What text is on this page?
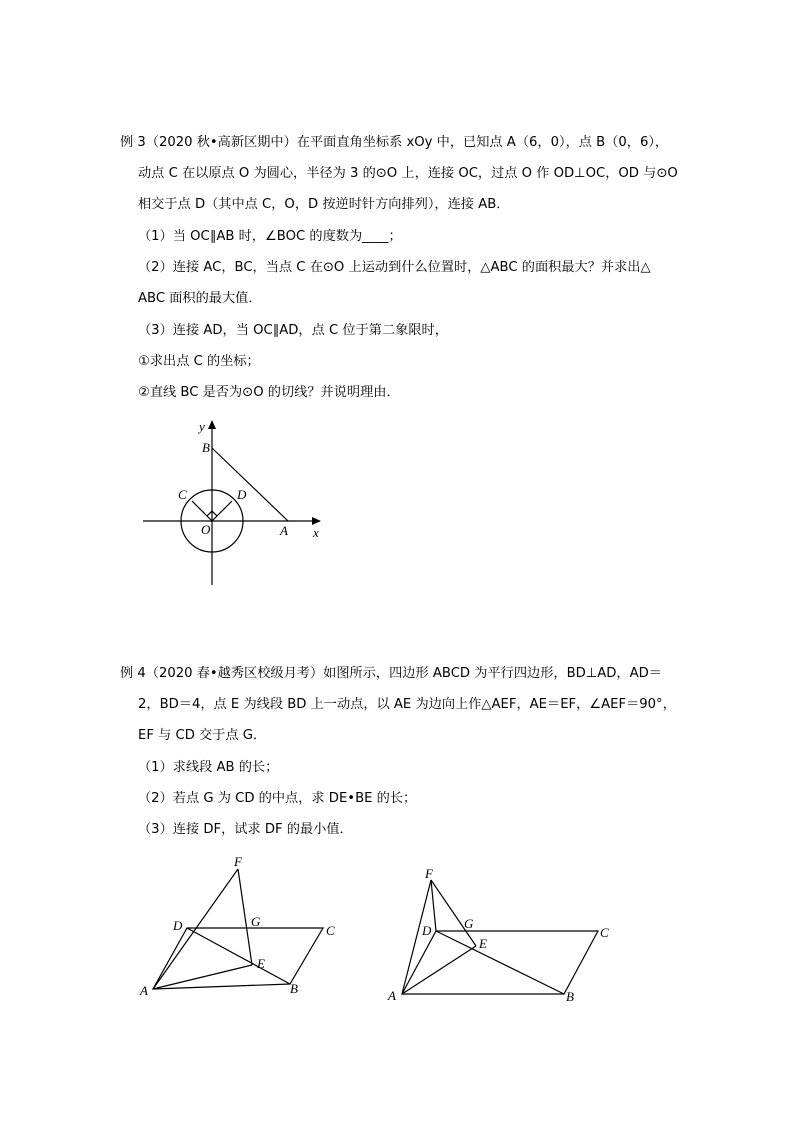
例 3（2020 秋•高新区期中）在平面直角坐标系 xOy 中，已知点 A（6，0），点 B（0，6），
动点 C 在以原点 O 为圆心，半径为 3 的⊙O 上，连接 OC，过点 O 作 OD⊥OC，OD 与⊙O
相交于点 D（其中点 C，O，D 按逆时针方向排列），连接 AB．
（1）当 OC∥AB 时，∠BOC 的度数为____；
（2）连接 AC，BC，当点 C 在⊙O 上运动到什么位置时，△ABC 的面积最大？并求出△
ABC 面积的最大值．
（3）连接 AD，当 OC∥AD，点 C 位于第二象限时，
①求出点 C 的坐标；
②直线 BC 是否为⊙O 的切线？并说明理由．
y
B
C	D
O	A x
例 4（2020 春•越秀区校级月考）如图所示，四边形 ABCD 为平行四边形，BD⊥AD，AD＝
2，BD＝4，点 E 为线段 BD 上一动点，以 AE 为边向上作△AEF，AE＝EF，∠AEF＝90°，
EF 与 CD 交于点 G．
（1）求线段 AB 的长；
（2）若点 G 为 CD 的中点，求 DE•BE 的长；
（3）连接 DF，试求 DF 的最小值．
F
D	G
C
E
A	B
F
D	G
C
E
A	B
